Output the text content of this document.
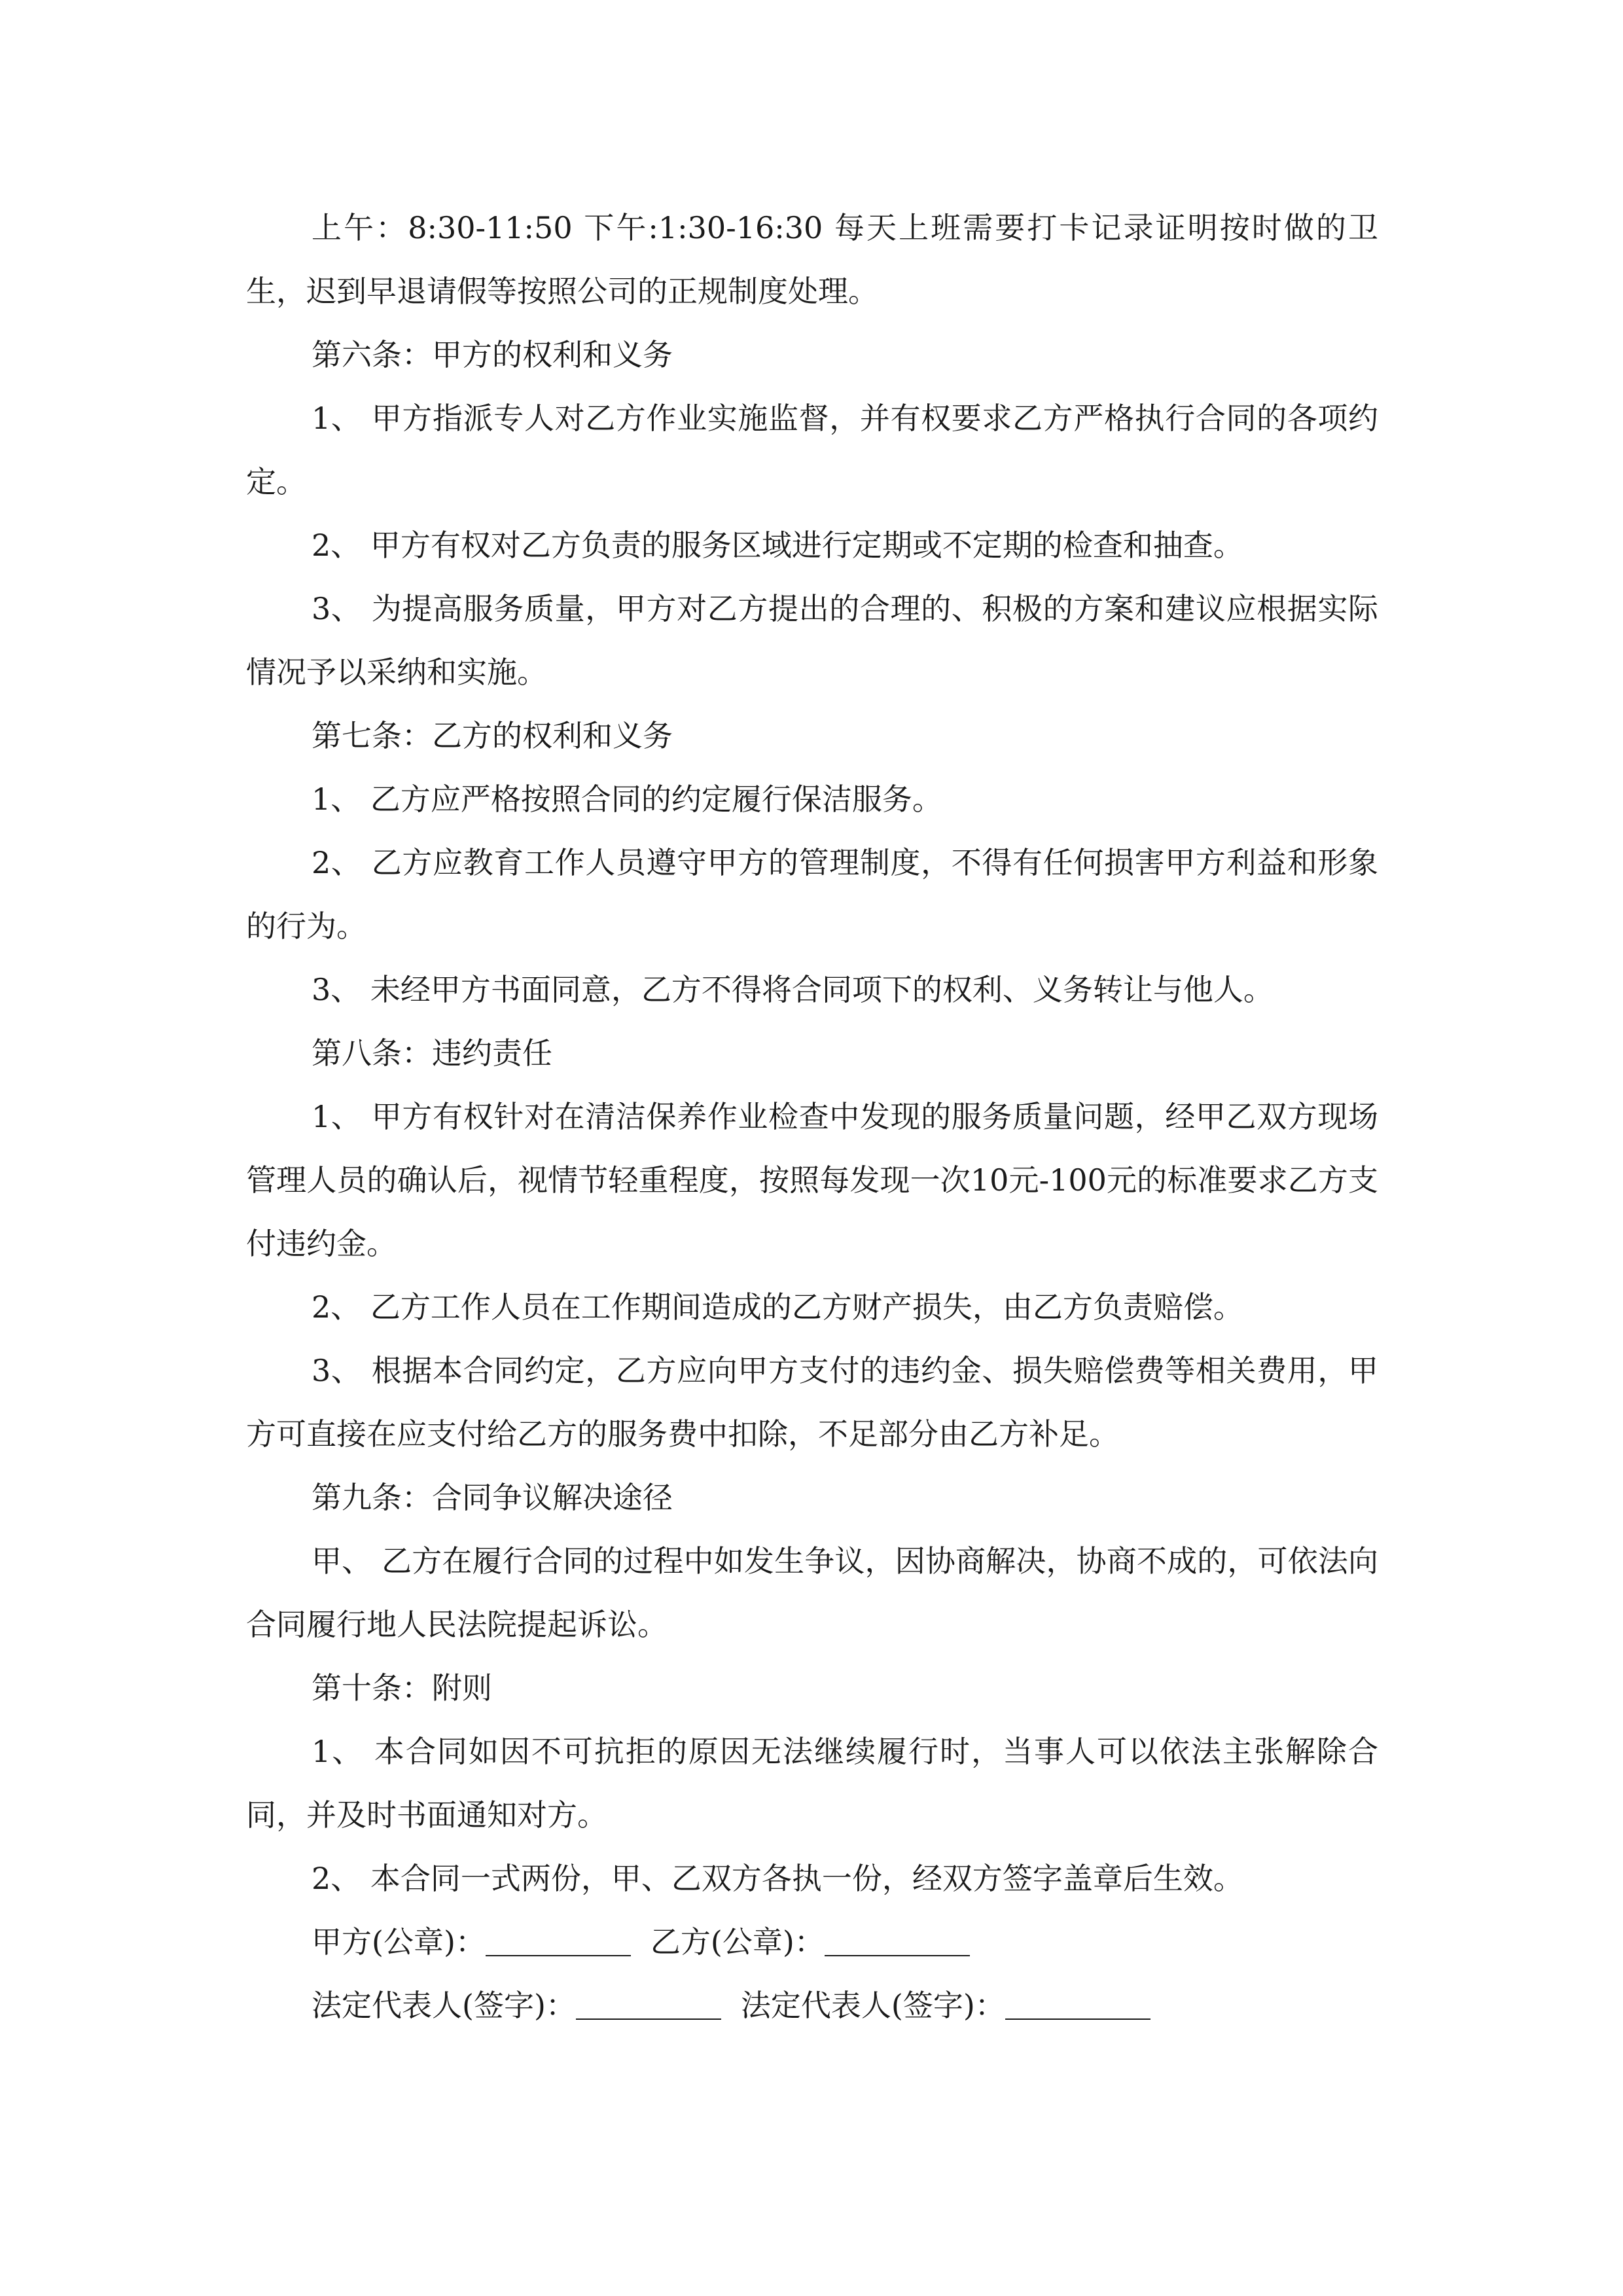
上午：8:30-11:50 下午:1:30-16:30 每天上班需要打卡记录证明按时做的卫生，迟到早退请假等按照公司的正规制度处理。

第六条：甲方的权利和义务

1、 甲方指派专人对乙方作业实施监督，并有权要求乙方严格执行合同的各项约定。

2、 甲方有权对乙方负责的服务区域进行定期或不定期的检查和抽查。

3、 为提高服务质量，甲方对乙方提出的合理的、积极的方案和建议应根据实际情况予以采纳和实施。

第七条：乙方的权利和义务

1、 乙方应严格按照合同的约定履行保洁服务。

2、 乙方应教育工作人员遵守甲方的管理制度，不得有任何损害甲方利益和形象的行为。

3、 未经甲方书面同意，乙方不得将合同项下的权利、义务转让与他人。

第八条：违约责任

1、 甲方有权针对在清洁保养作业检查中发现的服务质量问题，经甲乙双方现场管理人员的确认后，视情节轻重程度，按照每发现一次10元-100元的标准要求乙方支付违约金。

2、 乙方工作人员在工作期间造成的乙方财产损失，由乙方负责赔偿。

3、 根据本合同约定，乙方应向甲方支付的违约金、损失赔偿费等相关费用，甲方可直接在应支付给乙方的服务费中扣除，不足部分由乙方补足。

第九条：合同争议解决途径

甲、 乙方在履行合同的过程中如发生争议，因协商解决，协商不成的，可依法向合同履行地人民法院提起诉讼。

第十条：附则

1、 本合同如因不可抗拒的原因无法继续履行时，当事人可以依法主张解除合同，并及时书面通知对方。

2、 本合同一式两份，甲、乙双方各执一份，经双方签字盖章后生效。

甲方(公章)：	乙方(公章)：

法定代表人(签字)：	法定代表人(签字)：
